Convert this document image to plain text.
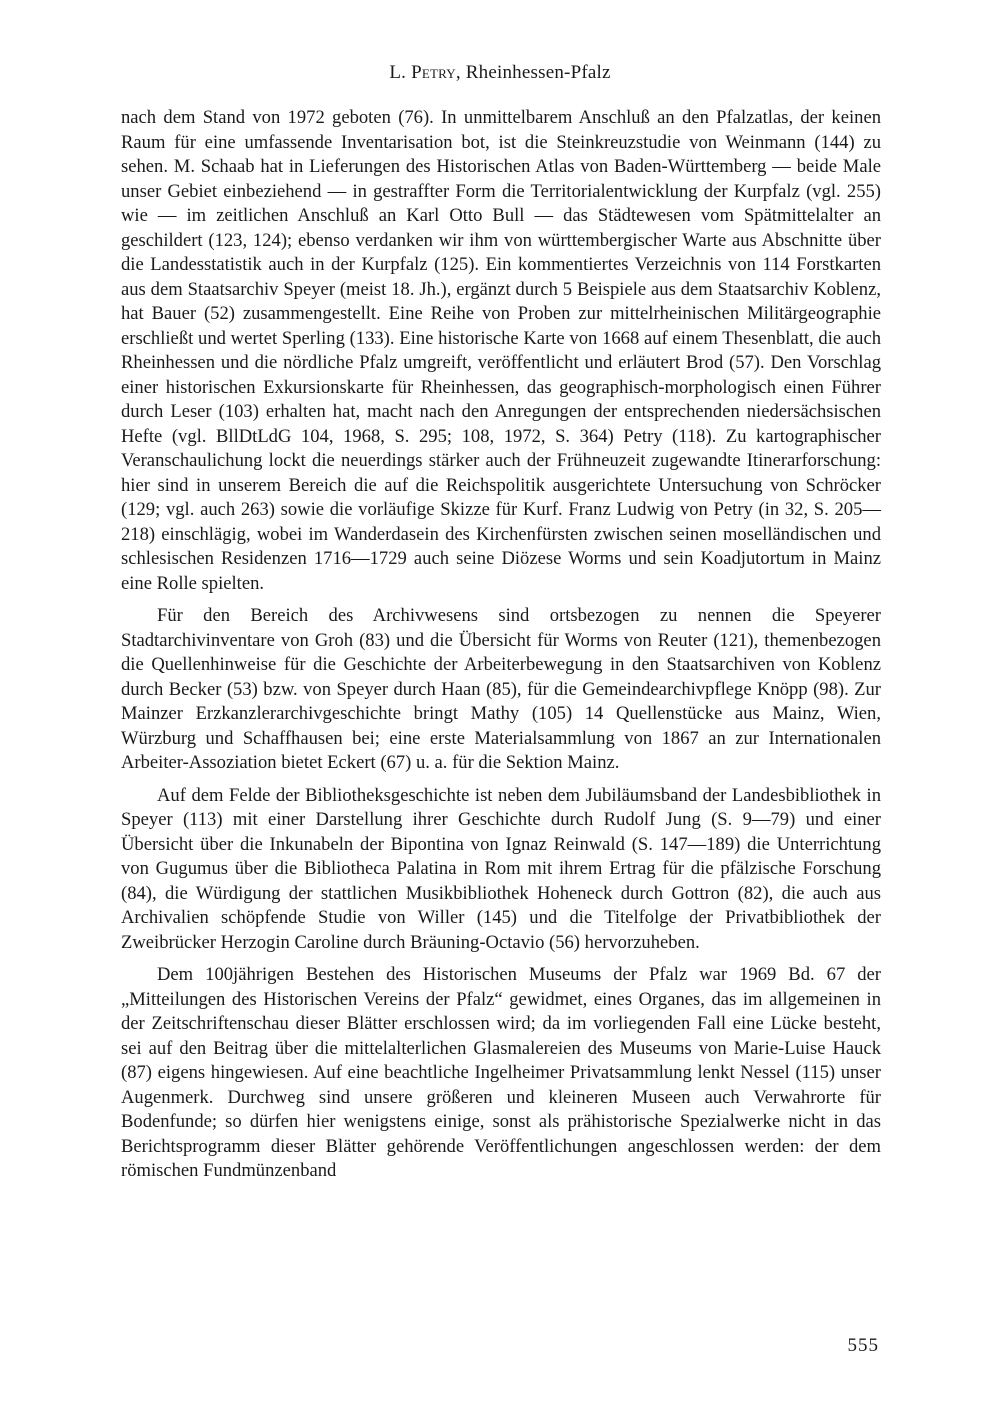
L. Petry, Rheinhessen-Pfalz

nach dem Stand von 1972 geboten (76). In unmittelbarem Anschluß an den Pfalzatlas, der keinen Raum für eine umfassende Inventarisation bot, ist die Steinkreuzstudie von Weinmann (144) zu sehen. M. Schaab hat in Lieferungen des Historischen Atlas von Baden-Württemberg — beide Male unser Gebiet einbeziehend — in gestraffter Form die Territorialentwicklung der Kurpfalz (vgl. 255) wie — im zeitlichen Anschluß an Karl Otto Bull — das Städtewesen vom Spätmittelalter an geschildert (123, 124); ebenso verdanken wir ihm von württembergischer Warte aus Abschnitte über die Landesstatistik auch in der Kurpfalz (125). Ein kommentiertes Verzeichnis von 114 Forstkarten aus dem Staatsarchiv Speyer (meist 18. Jh.), ergänzt durch 5 Beispiele aus dem Staatsarchiv Koblenz, hat Bauer (52) zusammengestellt. Eine Reihe von Proben zur mittelrheinischen Militärgeographie erschließt und wertet Sperling (133). Eine historische Karte von 1668 auf einem Thesenblatt, die auch Rheinhessen und die nördliche Pfalz umgreift, veröffentlicht und erläutert Brod (57). Den Vorschlag einer historischen Exkursionskarte für Rheinhessen, das geographisch-morphologisch einen Führer durch Leser (103) erhalten hat, macht nach den Anregungen der entsprechenden niedersächsischen Hefte (vgl. BllDtLdG 104, 1968, S. 295; 108, 1972, S. 364) Petry (118). Zu kartographischer Veranschaulichung lockt die neuerdings stärker auch der Frühneuzeit zugewandte Itinerarforschung: hier sind in unserem Bereich die auf die Reichspolitik ausgerichtete Untersuchung von Schröcker (129; vgl. auch 263) sowie die vorläufige Skizze für Kurf. Franz Ludwig von Petry (in 32, S. 205—218) einschlägig, wobei im Wanderdasein des Kirchenfürsten zwischen seinen moselländischen und schlesischen Residenzen 1716—1729 auch seine Diözese Worms und sein Koadjutortum in Mainz eine Rolle spielten.

Für den Bereich des Archivwesens sind ortsbezogen zu nennen die Speyerer Stadtarchivinventare von Groh (83) und die Übersicht für Worms von Reuter (121), themenbezogen die Quellenhinweise für die Geschichte der Arbeiterbewegung in den Staatsarchiven von Koblenz durch Becker (53) bzw. von Speyer durch Haan (85), für die Gemeindearchivpflege Knöpp (98). Zur Mainzer Erzkanzlerarchivgeschichte bringt Mathy (105) 14 Quellenstücke aus Mainz, Wien, Würzburg und Schaffhausen bei; eine erste Materialsammlung von 1867 an zur Internationalen Arbeiter-Assoziation bietet Eckert (67) u. a. für die Sektion Mainz.

Auf dem Felde der Bibliotheksgeschichte ist neben dem Jubiläumsband der Landesbibliothek in Speyer (113) mit einer Darstellung ihrer Geschichte durch Rudolf Jung (S. 9—79) und einer Übersicht über die Inkunabeln der Bipontina von Ignaz Reinwald (S. 147—189) die Unterrichtung von Gugumus über die Bibliotheca Palatina in Rom mit ihrem Ertrag für die pfälzische Forschung (84), die Würdigung der stattlichen Musikbibliothek Hoheneck durch Gottron (82), die auch aus Archivalien schöpfende Studie von Willer (145) und die Titelfolge der Privatbibliothek der Zweibrücker Herzogin Caroline durch Bräuning-Octavio (56) hervorzuheben.

Dem 100jährigen Bestehen des Historischen Museums der Pfalz war 1969 Bd. 67 der „Mitteilungen des Historischen Vereins der Pfalz“ gewidmet, eines Organes, das im allgemeinen in der Zeitschriftenschau dieser Blätter erschlossen wird; da im vorliegenden Fall eine Lücke besteht, sei auf den Beitrag über die mittelalterlichen Glasmalereien des Museums von Marie-Luise Hauck (87) eigens hingewiesen. Auf eine beachtliche Ingelheimer Privatsammlung lenkt Nessel (115) unser Augenmerk. Durchweg sind unsere größeren und kleineren Museen auch Verwahrorte für Bodenfunde; so dürfen hier wenigstens einige, sonst als prähistorische Spezialwerke nicht in das Berichtsprogramm dieser Blätter gehörende Veröffentlichungen angeschlossen werden: der dem römischen Fundmünzenband

555
